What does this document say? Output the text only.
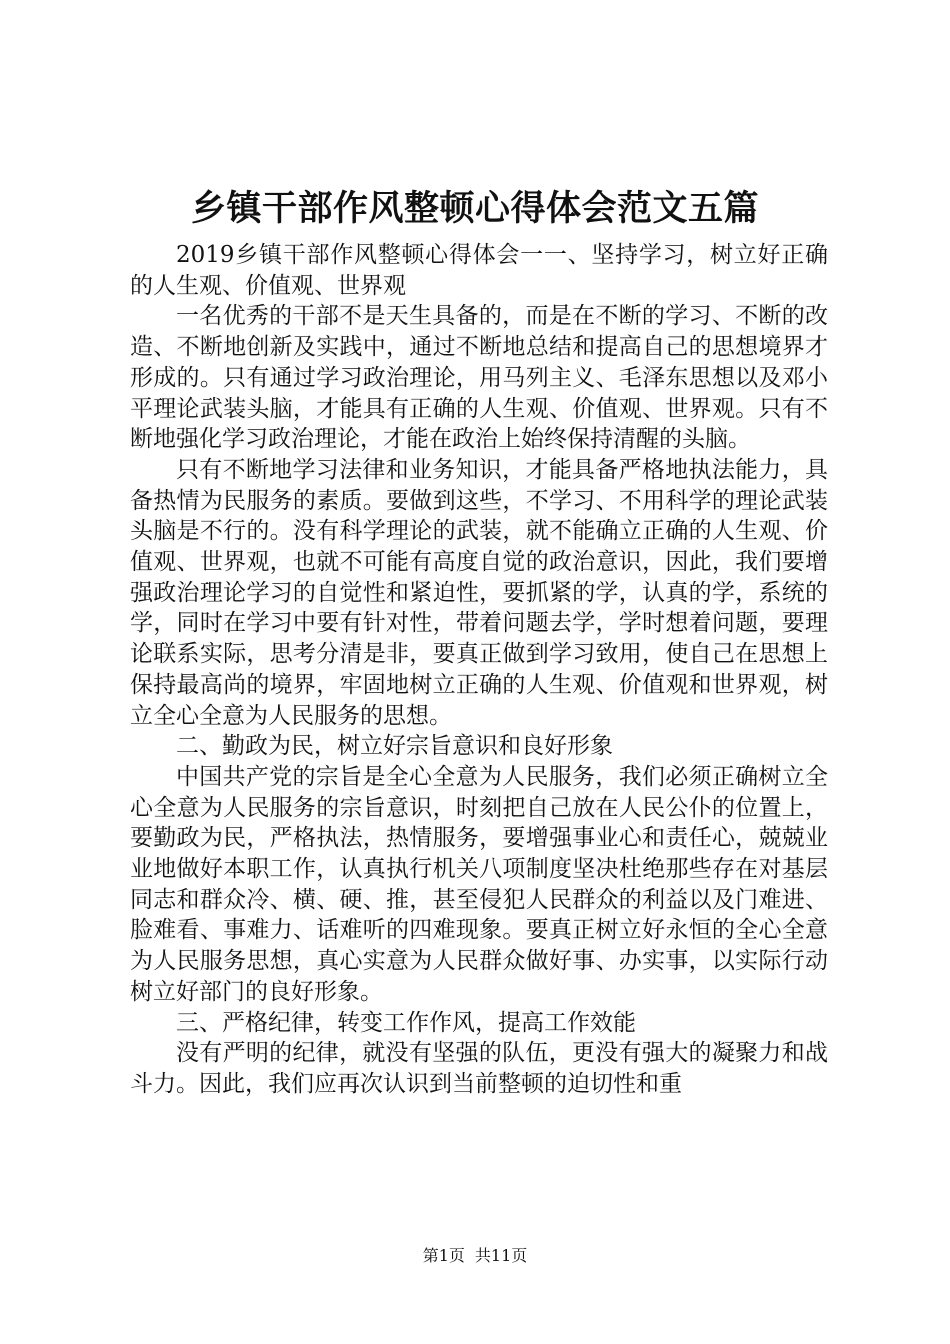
乡镇干部作风整顿心得体会范文五篇

2019乡镇干部作风整顿心得体会一一、坚持学习，树立好正确的人生观、价值观、世界观

一名优秀的干部不是天生具备的，而是在不断的学习、不断的改造、不断地创新及实践中，通过不断地总结和提高自己的思想境界才形成的。只有通过学习政治理论，用马列主义、毛泽东思想以及邓小平理论武装头脑，才能具有正确的人生观、价值观、世界观。只有不断地强化学习政治理论，才能在政治上始终保持清醒的头脑。

只有不断地学习法律和业务知识，才能具备严格地执法能力，具备热情为民服务的素质。要做到这些，不学习、不用科学的理论武装头脑是不行的。没有科学理论的武装，就不能确立正确的人生观、价值观、世界观，也就不可能有高度自觉的政治意识，因此，我们要增强政治理论学习的自觉性和紧迫性，要抓紧的学，认真的学，系统的学，同时在学习中要有针对性，带着问题去学，学时想着问题，要理论联系实际，思考分清是非，要真正做到学习致用，使自己在思想上保持最高尚的境界，牢固地树立正确的人生观、价值观和世界观，树立全心全意为人民服务的思想。

二、勤政为民，树立好宗旨意识和良好形象

中国共产党的宗旨是全心全意为人民服务，我们必须正确树立全心全意为人民服务的宗旨意识，时刻把自己放在人民公仆的位置上，要勤政为民，严格执法，热情服务，要增强事业心和责任心，兢兢业业地做好本职工作，认真执行机关八项制度坚决杜绝那些存在对基层同志和群众冷、横、硬、推，甚至侵犯人民群众的利益以及门难进、脸难看、事难力、话难听的四难现象。要真正树立好永恒的全心全意为人民服务思想，真心实意为人民群众做好事、办实事，以实际行动树立好部门的良好形象。

三、严格纪律，转变工作作风，提高工作效能

没有严明的纪律，就没有坚强的队伍，更没有强大的凝聚力和战斗力。因此，我们应再次认识到当前整顿的迫切性和重

第1页 共11页
